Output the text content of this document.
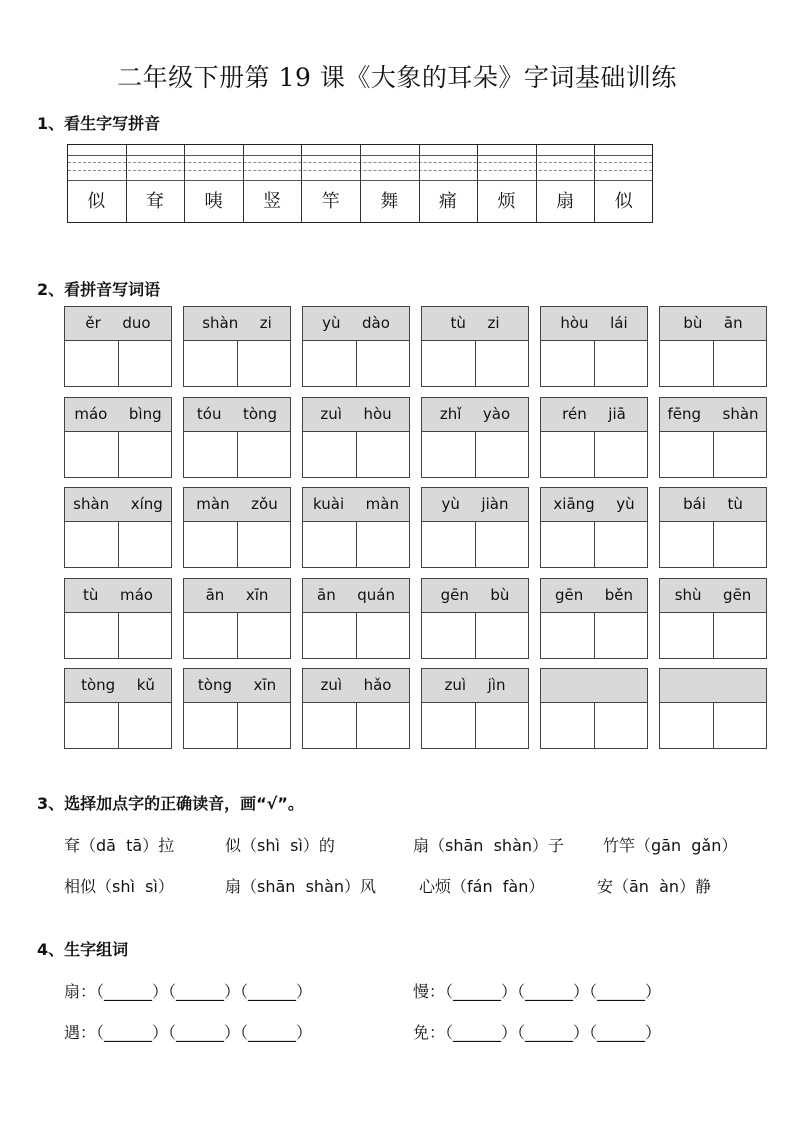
二年级下册第 19 课《大象的耳朵》字词基础训练
1、看生字写拼音
似	耷	咦	竖	竿	舞	痛	烦	扇	似
2、看拼音写词语
ěr  duo	shàn  zi	yù  dào	tù  zi	hòu  lái	bù  ān
máo  bìng	tóu  tòng	zuì  hòu	zhǐ  yào	rén  jiā	fēng  shàn
shàn  xíng	màn  zǒu	kuài  màn	yù  jiàn	xiāng  yù	bái  tù
tù  máo	ān  xīn	ān  quán	gēn  bù	gēn  běn	shù  gēn
tòng  kǔ	tòng  xīn	zuì  hǎo	zuì  jìn
3、选择加点字的正确读音，画“√”。
耷（dā  tā）拉	似（shì  sì）的	扇（shān  shàn）子 竹竿（gān  gǎn）
相似（shì  sì）	扇（shān  shàn）风	心烦（fán  fàn）	安（ān  àn）静
4、生字组词
扇：（______）（______）（______）	慢：（______）（______）（______）
遇：（______）（______）（______）	免：（______）（______）（______）
